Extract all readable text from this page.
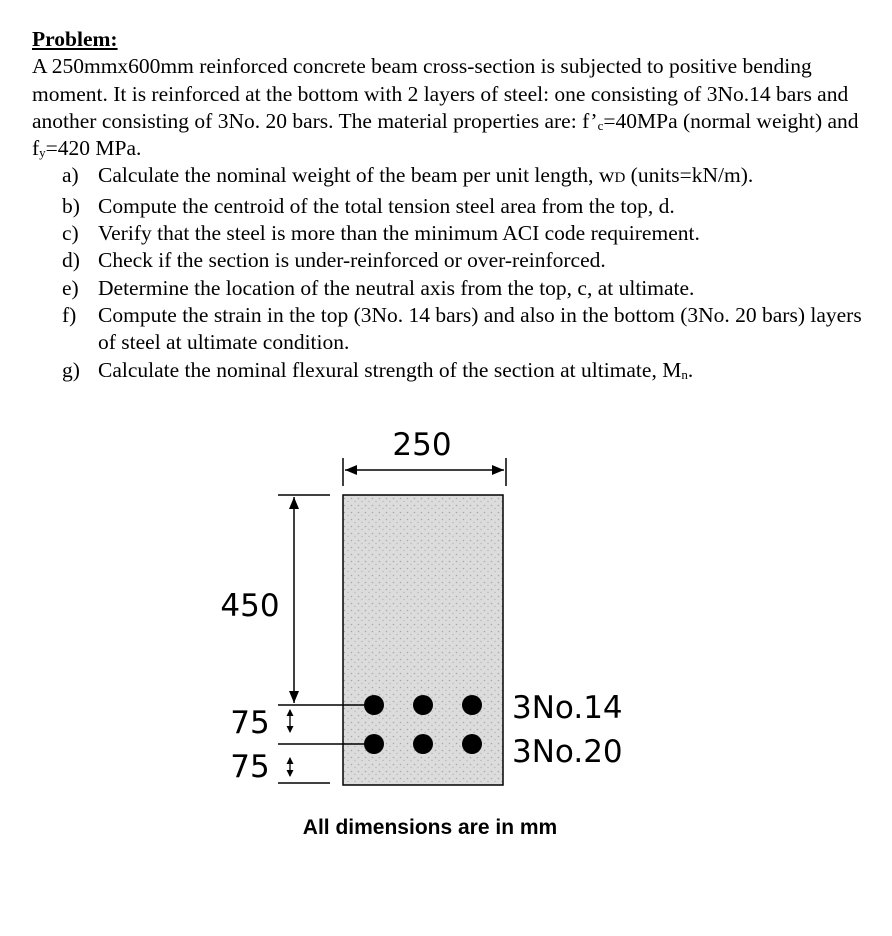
Problem:
A 250mmx600mm reinforced concrete beam cross-section is subjected to positive bending moment. It is reinforced at the bottom with 2 layers of steel: one consisting of 3No.14 bars and another consisting of 3No. 20 bars. The material properties are: $f’_c=40MPa$ (normal weight) and $f_y=420$ MPa.
a) Calculate the nominal weight of the beam per unit length, wD (units=kN/m).
b) Compute the centroid of the total tension steel area from the top, d.
c) Verify that the steel is more than the minimum ACI code requirement.
d) Check if the section is under-reinforced or over-reinforced.
e) Determine the location of the neutral axis from the top, c, at ultimate.
f) Compute the strain in the top (3No. 14 bars) and also in the bottom (3No. 20 bars) layers of steel at ultimate condition.
g) Calculate the nominal flexural strength of the section at ultimate, $M_n$.
250
450
75
75
3No.14
3No.20
All dimensions are in mm
